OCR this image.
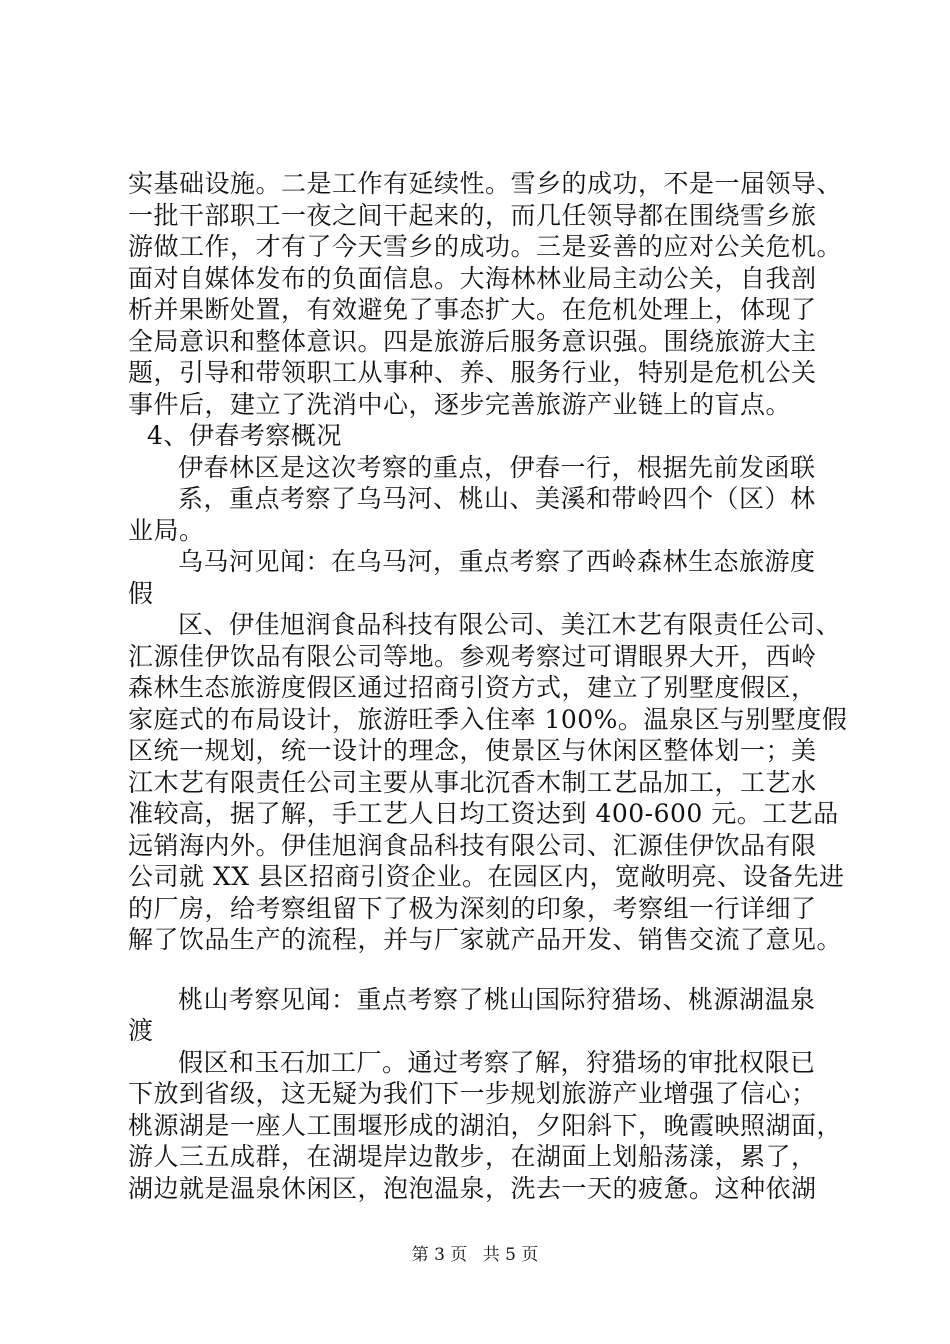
实基础设施。二是工作有延续性。雪乡的成功，不是一届领导、
一批干部职工一夜之间干起来的，而几任领导都在围绕雪乡旅
游做工作，才有了今天雪乡的成功。三是妥善的应对公关危机。
面对自媒体发布的负面信息。大海林林业局主动公关，自我剖
析并果断处置，有效避免了事态扩大。在危机处理上，体现了
全局意识和整体意识。四是旅游后服务意识强。围绕旅游大主
题，引导和带领职工从事种、养、服务行业，特别是危机公关
事件后，建立了洗消中心，逐步完善旅游产业链上的盲点。
4、伊春考察概况
伊春林区是这次考察的重点，伊春一行，根据先前发函联
系，重点考察了乌马河、桃山、美溪和带岭四个（区）林
业局。
乌马河见闻：在乌马河，重点考察了西岭森林生态旅游度
假
区、伊佳旭润食品科技有限公司、美江木艺有限责任公司、
汇源佳伊饮品有限公司等地。参观考察过可谓眼界大开，西岭
森林生态旅游度假区通过招商引资方式，建立了别墅度假区，
家庭式的布局设计，旅游旺季入住率 100%。温泉区与别墅度假
区统一规划，统一设计的理念，使景区与休闲区整体划一；美
江木艺有限责任公司主要从事北沉香木制工艺品加工，工艺水
准较高，据了解，手工艺人日均工资达到 400-600 元。工艺品
远销海内外。伊佳旭润食品科技有限公司、汇源佳伊饮品有限
公司就 XX 县区招商引资企业。在园区内，宽敞明亮、设备先进
的厂房，给考察组留下了极为深刻的印象，考察组一行详细了
解了饮品生产的流程，并与厂家就产品开发、销售交流了意见。
桃山考察见闻：重点考察了桃山国际狩猎场、桃源湖温泉
渡
假区和玉石加工厂。通过考察了解，狩猎场的审批权限已
下放到省级，这无疑为我们下一步规划旅游产业增强了信心；
桃源湖是一座人工围堰形成的湖泊，夕阳斜下，晚霞映照湖面，
游人三五成群，在湖堤岸边散步，在湖面上划船荡漾，累了，
湖边就是温泉休闲区，泡泡温泉，洗去一天的疲惫。这种依湖
第 3 页 共 5 页
